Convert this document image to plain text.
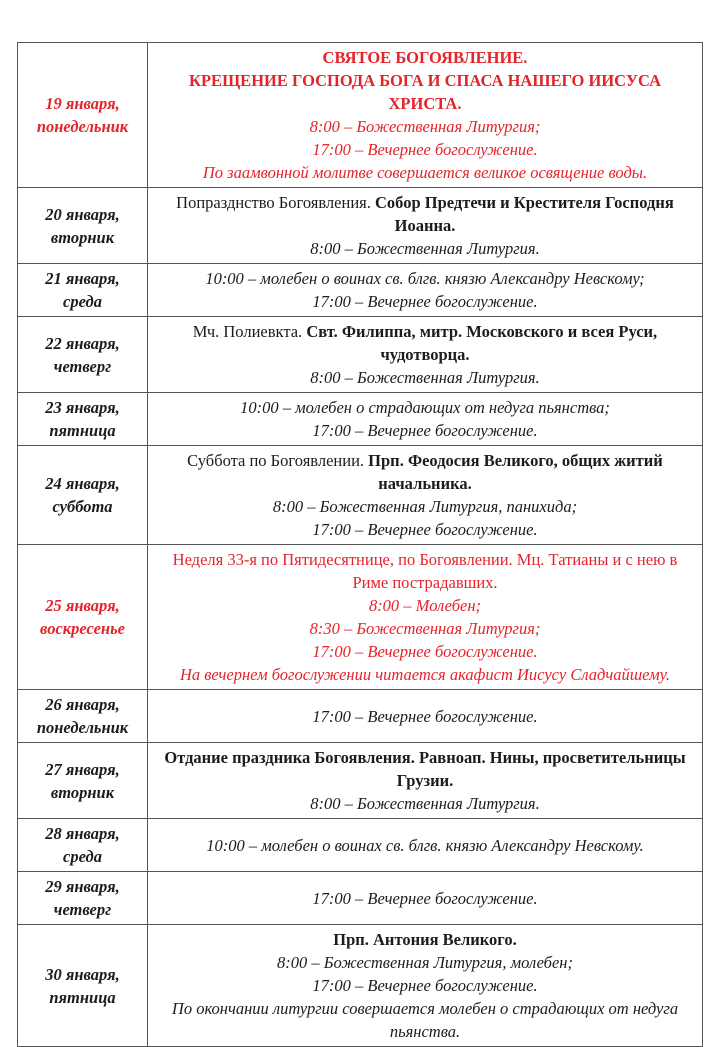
19 января,
понедельник	СВЯТОЕ БОГОЯВЛЕНИЕ.
КРЕЩЕНИЕ ГОСПОДА БОГА И СПАСА НАШЕГО ИИСУСА ХРИСТА.
8:00 – Божественная Литургия;
17:00 – Вечернее богослужение.
По заамвонной молитве совершается великое освящение воды.

20 января,
вторник	Попразднство Богоявления. Собор Предтечи и Крестителя Господня Иоанна.
8:00 – Божественная Литургия.

21 января,
среда	10:00 – молебен о воинах св. блгв. князю Александру Невскому;
17:00 – Вечернее богослужение.

22 января,
четверг	Мч. Полиевкта. Свт. Филиппа, митр. Московского и всея Руси, чудотворца.
8:00 – Божественная Литургия.

23 января,
пятница	10:00 – молебен о страдающих от недуга пьянства;
17:00 – Вечернее богослужение.

24 января,
суббота	Суббота по Богоявлении. Прп. Феодосия Великого, общих житий начальника.
8:00 – Божественная Литургия, панихида;
17:00 – Вечернее богослужение.

25 января,
воскресенье	Неделя 33-я по Пятидесятнице, по Богоявлении. Мц. Татианы и с нею в Риме пострадавших.
8:00 – Молебен;
8:30 – Божественная Литургия;
17:00 – Вечернее богослужение.
На вечернем богослужении читается акафист Иисусу Сладчайшему.

26 января,
понедельник	17:00 – Вечернее богослужение.

27 января,
вторник	Отдание праздника Богоявления. Равноап. Нины, просветительницы Грузии.
8:00 – Божественная Литургия.

28 января,
среда	10:00 – молебен о воинах св. блгв. князю Александру Невскому.

29 января,
четверг	17:00 – Вечернее богослужение.

30 января,
пятница	Прп. Антония Великого.
8:00 – Божественная Литургия, молебен;
17:00 – Вечернее богослужение.
По окончании литургии совершается молебен о страдающих от недуга пьянства.
